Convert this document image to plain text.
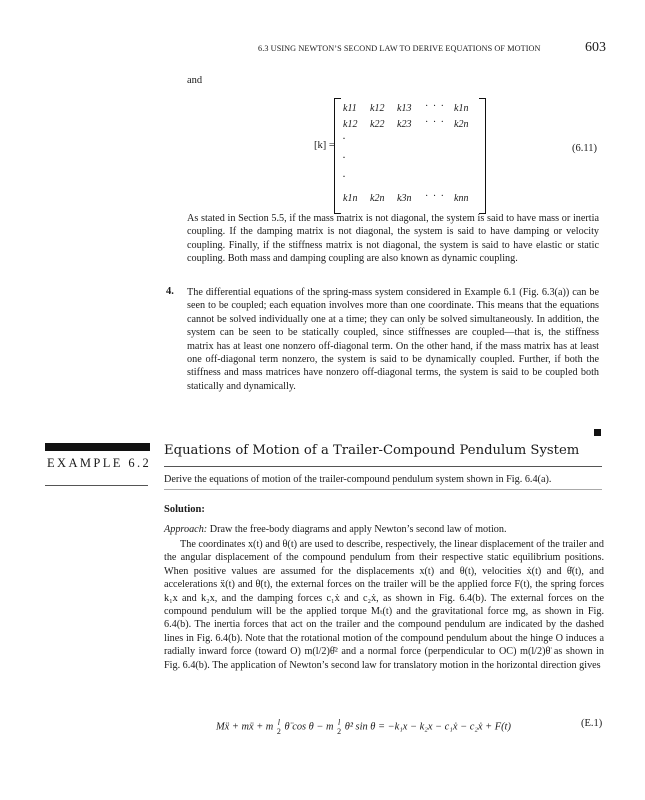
6.3 USING NEWTON’S SECOND LAW TO DERIVE EQUATIONS OF MOTION	603
and
[k] =
k11	k12	k13	· · · k1n
k12	k22	k23	· · · k2n
·
·
·
k1n	k2n	k3n	· · · knn
(6.11)
As stated in Section 5.5, if the mass matrix is not diagonal, the system is said to have mass or inertia coupling. If the damping matrix is not diagonal, the system is said to have damping or velocity coupling. Finally, if the stiffness matrix is not diagonal, the system is said to have elastic or static coupling. Both mass and damping coupling are also known as dynamic coupling.
4. The differential equations of the spring-mass system considered in Example 6.1 (Fig. 6.3(a)) can be seen to be coupled; each equation involves more than one coordinate. This means that the equations cannot be solved individually one at a time; they can only be solved simultaneously. In addition, the system can be seen to be statically coupled, since stiffnesses are coupled—that is, the stiffness matrix has at least one nonzero off-diagonal term. On the other hand, if the mass matrix has at least one off-diagonal term nonzero, the system is said to be dynamically coupled. Further, if both the stiffness and mass matrices have nonzero off-diagonal terms, the system is said to be coupled both statically and dynamically.
EXAMPLE 6.2
Equations of Motion of a Trailer-Compound Pendulum System
Derive the equations of motion of the trailer-compound pendulum system shown in Fig. 6.4(a).
Solution:
Approach: Draw the free-body diagrams and apply Newton’s second law of motion.
The coordinates x(t) and θ(t) are used to describe, respectively, the linear displacement of the trailer and the angular displacement of the compound pendulum from their respective static equilibrium positions. When positive values are assumed for the displacements x(t) and θ(t), velocities ẋ(t) and θ̇(t), and accelerations ẍ(t) and θ̈(t), the external forces on the trailer will be the applied force F(t), the spring forces k₁x and k₂x, and the damping forces c₁ẋ and c₂ẋ, as shown in Fig. 6.4(b). The external forces on the compound pendulum will be the applied torque Mₜ(t) and the gravitational force mg, as shown in Fig. 6.4(b). The inertia forces that act on the trailer and the compound pendulum are indicated by the dashed lines in Fig. 6.4(b). Note that the rotational motion of the compound pendulum about the hinge O induces a radially inward force (toward O) m(l/2)θ̇² and a normal force (perpendicular to OC) m(l/2)θ̈ as shown in Fig. 6.4(b). The application of Newton’s second law for translatory motion in the horizontal direction gives
Mẍ + mẍ + m l
2 θ̈ cos θ − m l
2 θ̇² sin θ = −k₁x − k₂x − c₁ẋ − c₂ẋ + F(t)	(E.1)
